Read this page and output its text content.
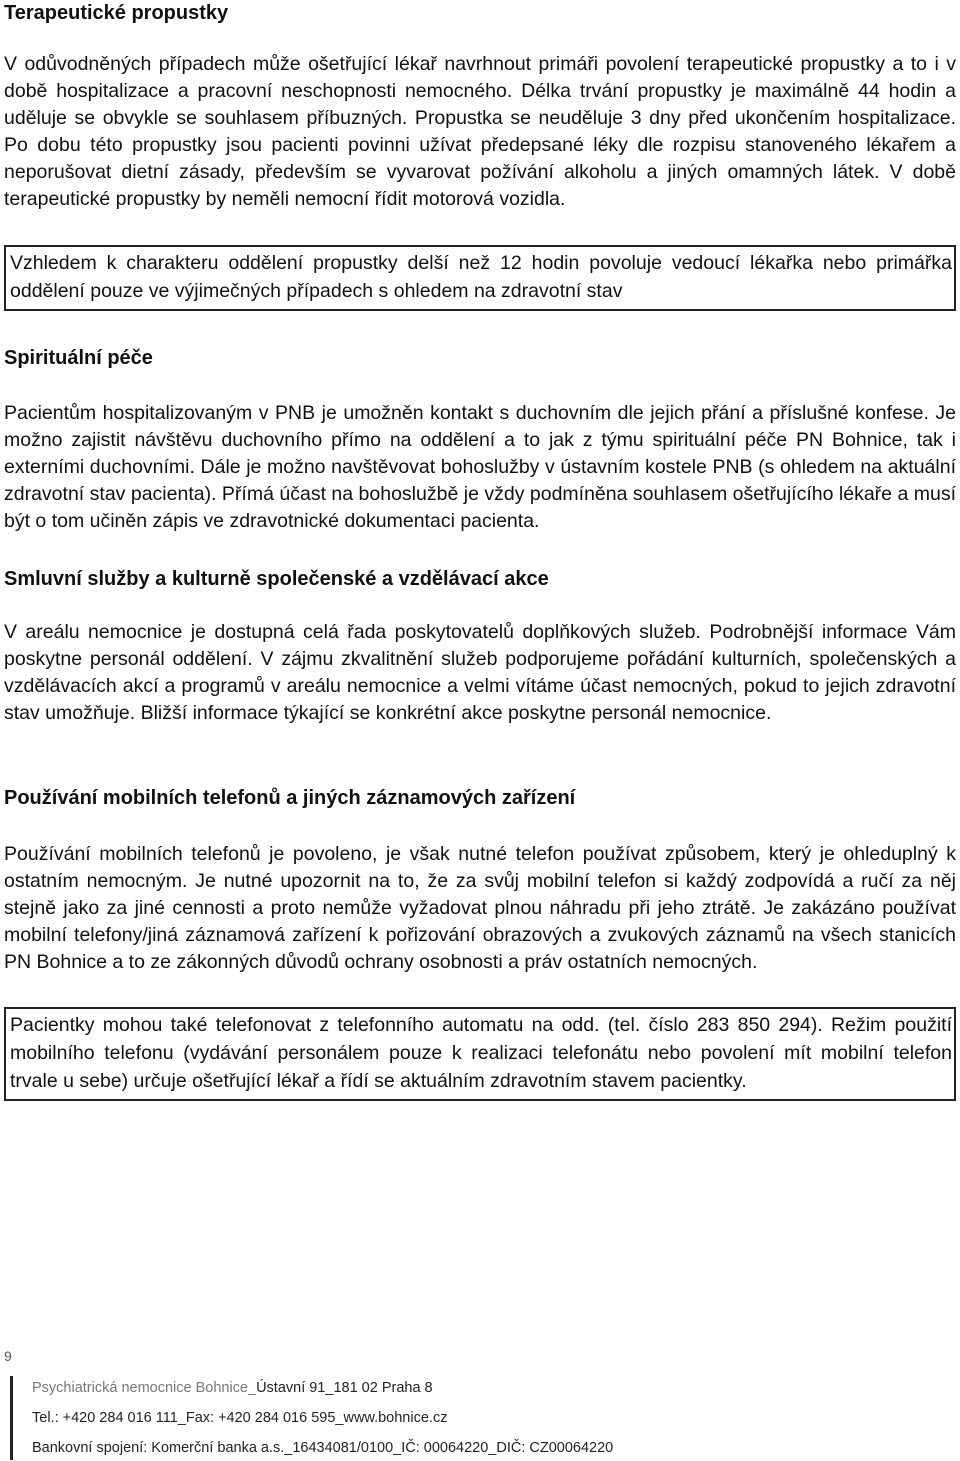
Terapeutické propustky

V odůvodněných případech může ošetřující lékař navrhnout primáři povolení terapeutické propustky a to i v době hospitalizace a pracovní neschopnosti nemocného. Délka trvání propustky je maximálně 44 hodin a uděluje se obvykle se souhlasem příbuzných. Propustka se neuděluje 3 dny před ukončením hospitalizace. Po dobu této propustky jsou pacienti povinni užívat předepsané léky dle rozpisu stanoveného lékařem a neporušovat dietní zásady, především se vyvarovat požívání alkoholu a jiných omamných látek. V době terapeutické propustky by neměli nemocní řídit motorová vozidla.

Vzhledem k charakteru oddělení propustky delší než 12 hodin povoluje vedoucí lékařka nebo primářka oddělení pouze ve výjimečných případech s ohledem na zdravotní stav

Spirituální péče

Pacientům hospitalizovaným v PNB je umožněn kontakt s duchovním dle jejich přání a příslušné konfese. Je možno zajistit návštěvu duchovního přímo na oddělení a to jak z týmu spirituální péče PN Bohnice, tak i externími duchovními. Dále je možno navštěvovat bohoslužby v ústavním kostele PNB (s ohledem na aktuální zdravotní stav pacienta). Přímá účast na bohoslužbě je vždy podmíněna souhlasem ošetřujícího lékaře a musí být o tom učiněn zápis ve zdravotnické dokumentaci pacienta.

Smluvní služby a kulturně společenské a vzdělávací akce

V areálu nemocnice je dostupná celá řada poskytovatelů doplňkových služeb. Podrobnější informace Vám poskytne personál oddělení. V zájmu zkvalitnění služeb podporujeme pořádání kulturních, společenských a vzdělávacích akcí a programů v areálu nemocnice a velmi vítáme účast nemocných, pokud to jejich zdravotní stav umožňuje. Bližší informace týkající se konkrétní akce poskytne personál nemocnice.

Používání mobilních telefonů a jiných záznamových zařízení

Používání mobilních telefonů je povoleno, je však nutné telefon používat způsobem, který je ohleduplný k ostatním nemocným. Je nutné upozornit na to, že za svůj mobilní telefon si každý zodpovídá a ručí za něj stejně jako za jiné cennosti a proto nemůže vyžadovat plnou náhradu při jeho ztrátě. Je zakázáno používat mobilní telefony/jiná záznamová zařízení k pořizování obrazových a zvukových záznamů na všech stanicích PN Bohnice a to ze zákonných důvodů ochrany osobnosti a práv ostatních nemocných.

Pacientky mohou také telefonovat z telefonního automatu na odd. (tel. číslo 283 850 294). Režim použití mobilního telefonu (vydávání personálem pouze k realizaci telefonátu nebo povolení mít mobilní telefon trvale u sebe) určuje ošetřující lékař a řídí se aktuálním zdravotním stavem pacientky.

9
Psychiatrická nemocnice Bohnice_Ústavní 91_181 02 Praha 8
Tel.: +420 284 016 111_Fax: +420 284 016 595_www.bohnice.cz
Bankovní spojení: Komerční banka a.s._16434081/0100_IČ: 00064220_DIČ: CZ00064220
